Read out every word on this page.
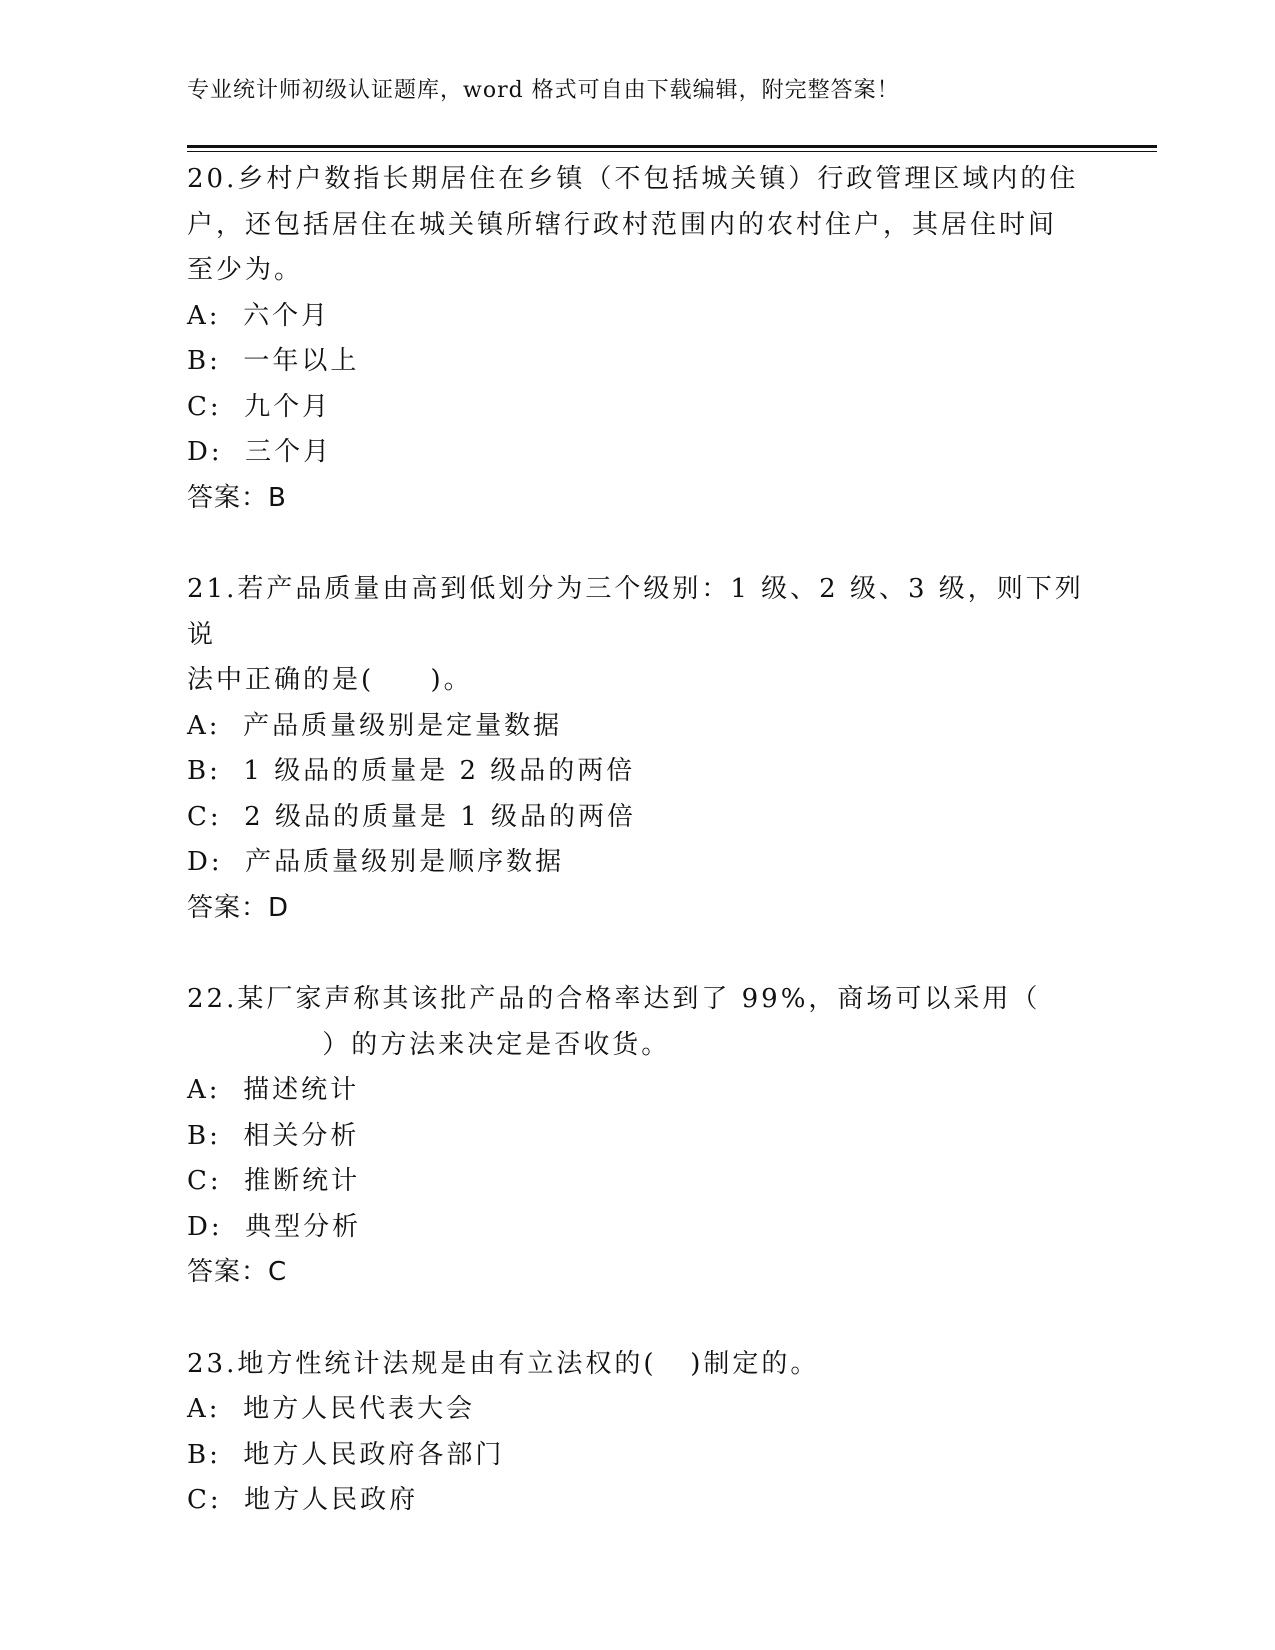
专业统计师初级认证题库，word 格式可自由下载编辑，附完整答案！
20.乡村户数指长期居住在乡镇（不包括城关镇）行政管理区域内的住
户，还包括居住在城关镇所辖行政村范围内的农村住户，其居住时间
至少为。
A:  六个月
B:  一年以上
C:  九个月
D:  三个月
答案：B
21.若产品质量由高到低划分为三个级别：1 级、2 级、3 级，则下列说
法中正确的是(     )。
A:  产品质量级别是定量数据
B:  1 级品的质量是 2 级品的两倍
C:  2 级品的质量是 1 级品的两倍
D:  产品质量级别是顺序数据
答案：D
22.某厂家声称其该批产品的合格率达到了 99%，商场可以采用（
）的方法来决定是否收货。
A:  描述统计
B:  相关分析
C:  推断统计
D:  典型分析
答案：C
23.地方性统计法规是由有立法权的(   )制定的。
A:  地方人民代表大会
B:  地方人民政府各部门
C:  地方人民政府
